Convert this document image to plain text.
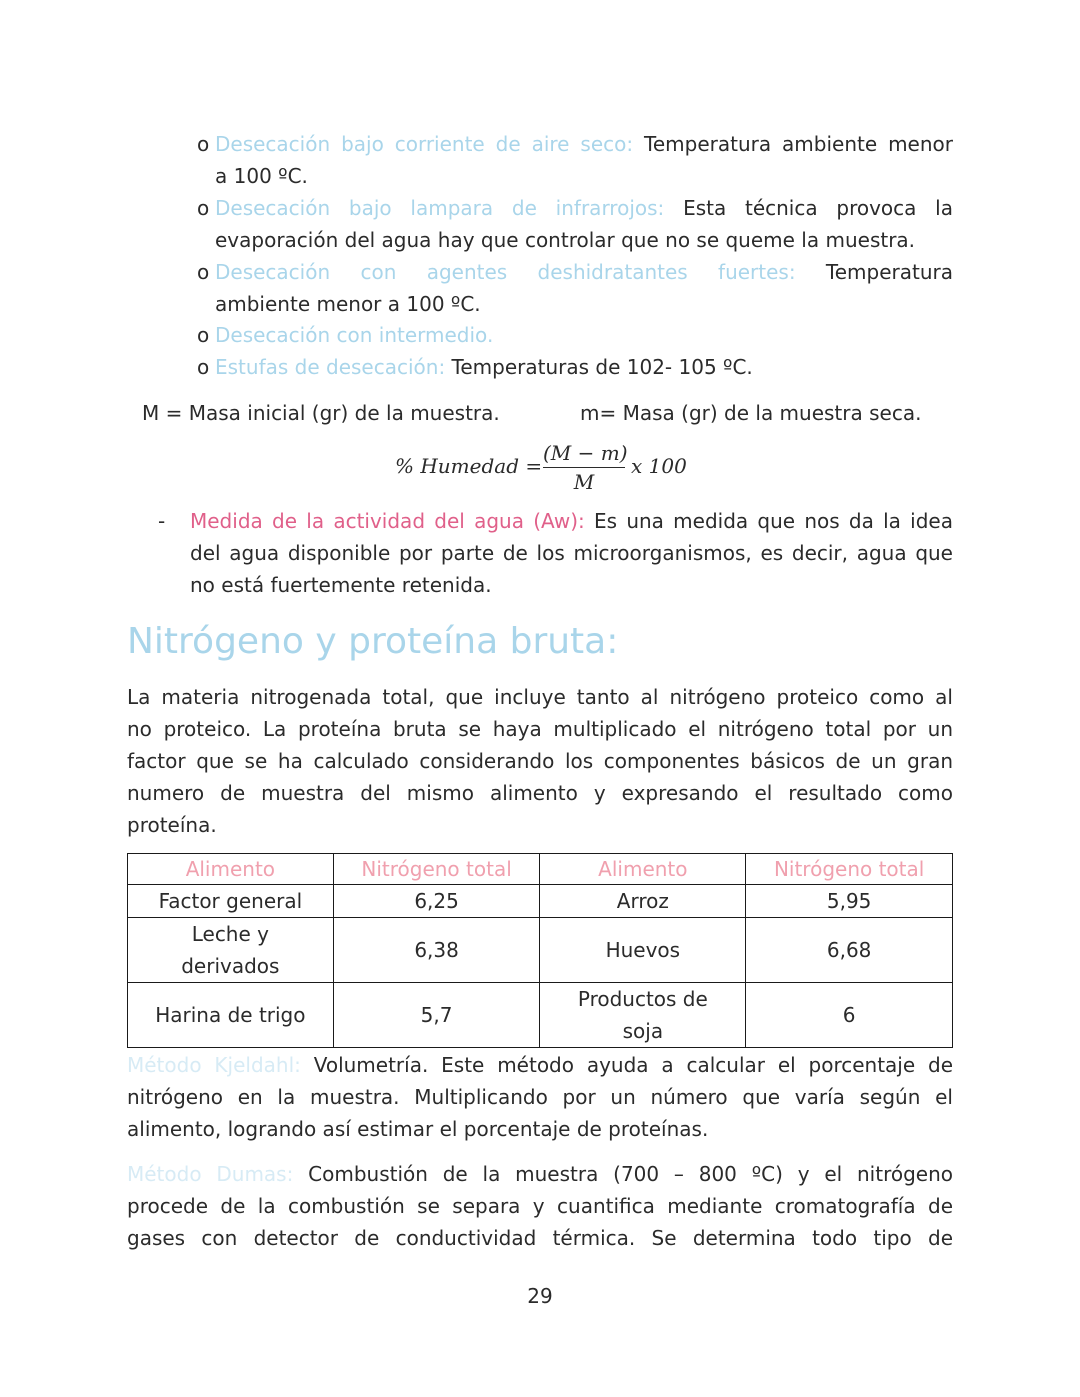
o Desecación bajo corriente de aire seco: Temperatura ambiente menor
a 100 ºC.
o Desecación bajo lampara de infrarrojos: Esta técnica provoca la
evaporación del agua hay que controlar que no se queme la muestra.
o Desecación con agentes deshidratantes fuertes: Temperatura
ambiente menor a 100 ºC.
o Desecación con intermedio.
o Estufas de desecación: Temperaturas de 102- 105 ºC.
M = Masa inicial (gr) de la muestra.	m= Masa (gr) de la muestra seca.
% Humedad =
(M − m)
M
x 100
- Medida de la actividad del agua (Aw): Es una medida que nos da la idea
del agua disponible por parte de los microorganismos, es decir, agua que
no está fuertemente retenida.
Nitrógeno y proteína bruta:
La materia nitrogenada total, que incluye tanto al nitrógeno proteico como al
no proteico. La proteína bruta se haya multiplicado el nitrógeno total por un
factor que se ha calculado considerando los componentes básicos de un gran
numero de muestra del mismo alimento y expresando el resultado como
proteína.
Alimento	Nitrógeno total	Alimento	Nitrógeno total
Factor general	6,25	Arroz	5,95
Leche y derivados	6,38	Huevos	6,68
Harina de trigo	5,7	Productos de soja	6
Método Kjeldahl: Volumetría. Este método ayuda a calcular el porcentaje de
nitrógeno en la muestra. Multiplicando por un número que varía según el
alimento, logrando así estimar el porcentaje de proteínas.
Método Dumas: Combustión de la muestra (700 – 800 ºC) y el nitrógeno
procede de la combustión se separa y cuantifica mediante cromatografía de
gases con detector de conductividad térmica. Se determina todo tipo de
29
